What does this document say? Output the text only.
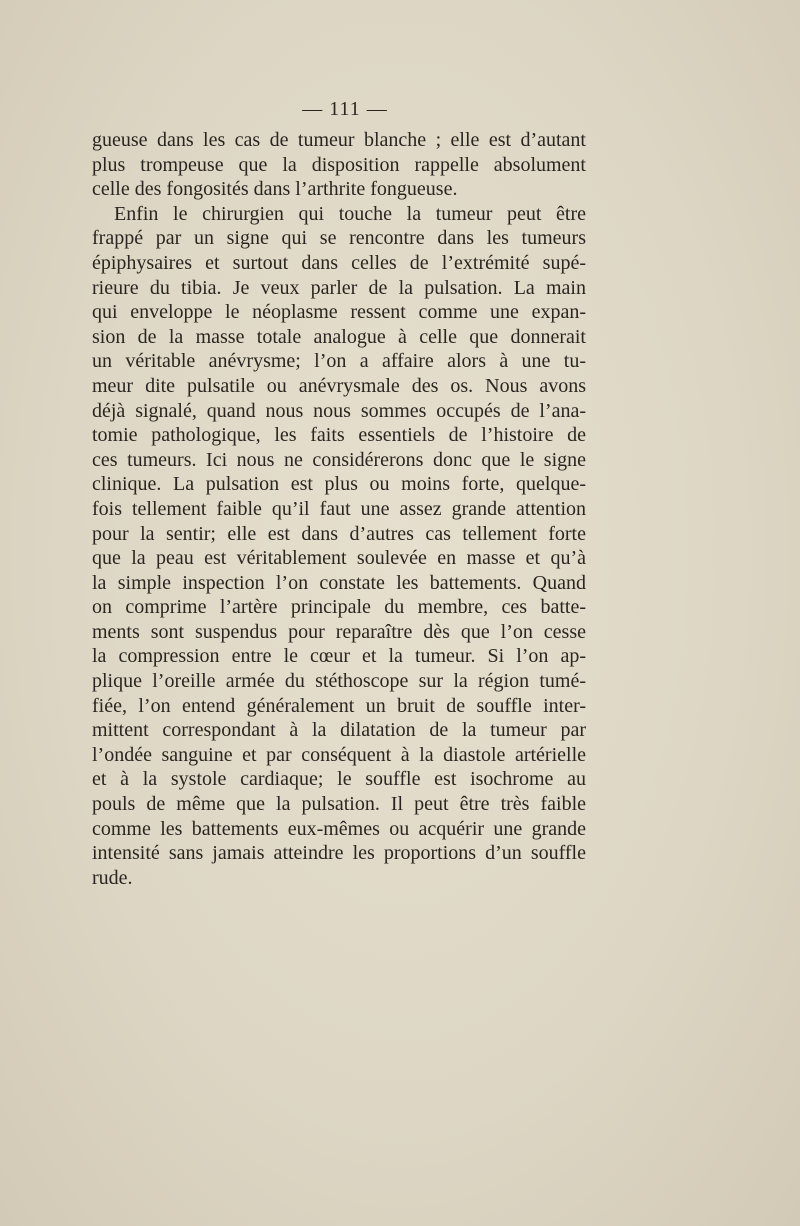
— 111 —
gueuse dans les cas de tumeur blanche ; elle est d’autant
plus trompeuse que la disposition rappelle absolument
celle des fongosités dans l’arthrite fongueuse.
Enfin le chirurgien qui touche la tumeur peut être
frappé par un signe qui se rencontre dans les tumeurs
épiphysaires et surtout dans celles de l’extrémité supé-
rieure du tibia. Je veux parler de la pulsation. La main
qui enveloppe le néoplasme ressent comme une expan-
sion de la masse totale analogue à celle que donnerait
un véritable anévrysme; l’on a affaire alors à une tu-
meur dite pulsatile ou anévrysmale des os. Nous avons
déjà signalé, quand nous nous sommes occupés de l’ana-
tomie pathologique, les faits essentiels de l’histoire de
ces tumeurs. Ici nous ne considérerons donc que le signe
clinique. La pulsation est plus ou moins forte, quelque-
fois tellement faible qu’il faut une assez grande attention
pour la sentir; elle est dans d’autres cas tellement forte
que la peau est véritablement soulevée en masse et qu’à
la simple inspection l’on constate les battements. Quand
on comprime l’artère principale du membre, ces batte-
ments sont suspendus pour reparaître dès que l’on cesse
la compression entre le cœur et la tumeur. Si l’on ap-
plique l’oreille armée du stéthoscope sur la région tumé-
fiée, l’on entend généralement un bruit de souffle inter-
mittent correspondant à la dilatation de la tumeur par
l’ondée sanguine et par conséquent à la diastole artérielle
et à la systole cardiaque; le souffle est isochrome au
pouls de même que la pulsation. Il peut être très faible
comme les battements eux-mêmes ou acquérir une grande
intensité sans jamais atteindre les proportions d’un souffle
rude.
